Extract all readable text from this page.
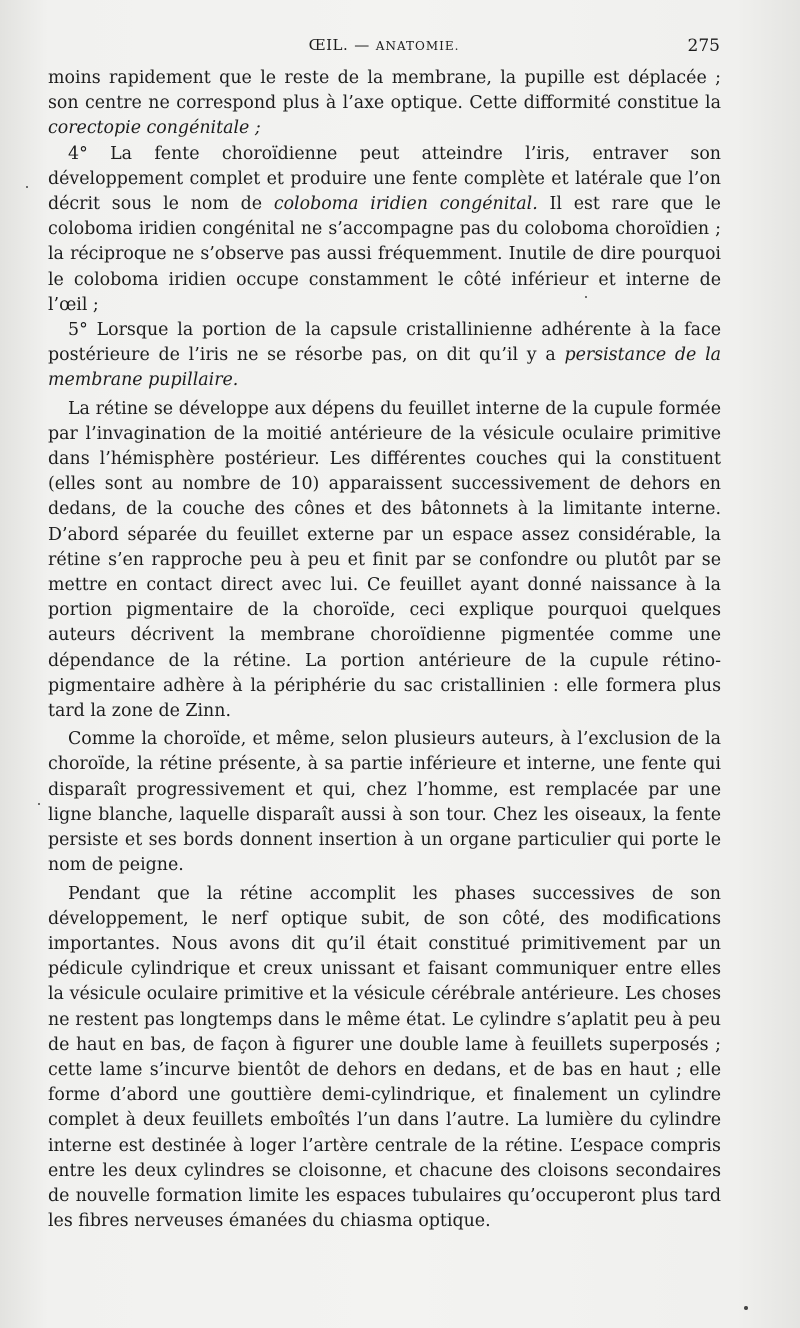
ŒIL. — ANATOMIE.	275

moins rapidement que le reste de la membrane, la pupille est déplacée ; son centre ne correspond plus à l’axe optique. Cette difformité constitue la corectopie congénitale ;

4° La fente choroïdienne peut atteindre l’iris, entraver son développement complet et produire une fente complète et latérale que l’on décrit sous le nom de coloboma iridien congénital. Il est rare que le coloboma iridien congénital ne s’accompagne pas du coloboma choroïdien ; la réciproque ne s’observe pas aussi fréquemment. Inutile de dire pourquoi le coloboma iridien occupe constamment le côté inférieur et interne de l’œil ;

5° Lorsque la portion de la capsule cristallinienne adhérente à la face postérieure de l’iris ne se résorbe pas, on dit qu’il y a persistance de la membrane pupillaire.

La rétine se développe aux dépens du feuillet interne de la cupule formée par l’invagination de la moitié antérieure de la vésicule oculaire primitive dans l’hémisphère postérieur. Les différentes couches qui la constituent (elles sont au nombre de 10) apparaissent successivement de dehors en dedans, de la couche des cônes et des bâtonnets à la limitante interne. D’abord séparée du feuillet externe par un espace assez considérable, la rétine s’en rapproche peu à peu et finit par se confondre ou plutôt par se mettre en contact direct avec lui. Ce feuillet ayant donné naissance à la portion pigmentaire de la choroïde, ceci explique pourquoi quelques auteurs décrivent la membrane choroïdienne pigmentée comme une dépendance de la rétine. La portion antérieure de la cupule rétino-pigmentaire adhère à la périphérie du sac cristallinien : elle formera plus tard la zone de Zinn.

Comme la choroïde, et même, selon plusieurs auteurs, à l’exclusion de la choroïde, la rétine présente, à sa partie inférieure et interne, une fente qui disparaît progressivement et qui, chez l’homme, est remplacée par une ligne blanche, laquelle disparaît aussi à son tour. Chez les oiseaux, la fente persiste et ses bords donnent insertion à un organe particulier qui porte le nom de peigne.

Pendant que la rétine accomplit les phases successives de son développement, le nerf optique subit, de son côté, des modifications importantes. Nous avons dit qu’il était constitué primitivement par un pédicule cylindrique et creux unissant et faisant communiquer entre elles la vésicule oculaire primitive et la vésicule cérébrale antérieure. Les choses ne restent pas longtemps dans le même état. Le cylindre s’aplatit peu à peu de haut en bas, de façon à figurer une double lame à feuillets superposés ; cette lame s’incurve bientôt de dehors en dedans, et de bas en haut ; elle forme d’abord une gouttière demi-cylindrique, et finalement un cylindre complet à deux feuillets emboîtés l’un dans l’autre. La lumière du cylindre interne est destinée à loger l’artère centrale de la rétine. L’espace compris entre les deux cylindres se cloisonne, et chacune des cloisons secondaires de nouvelle formation limite les espaces tubulaires qu’occuperont plus tard les fibres nerveuses émanées du chiasma optique.
